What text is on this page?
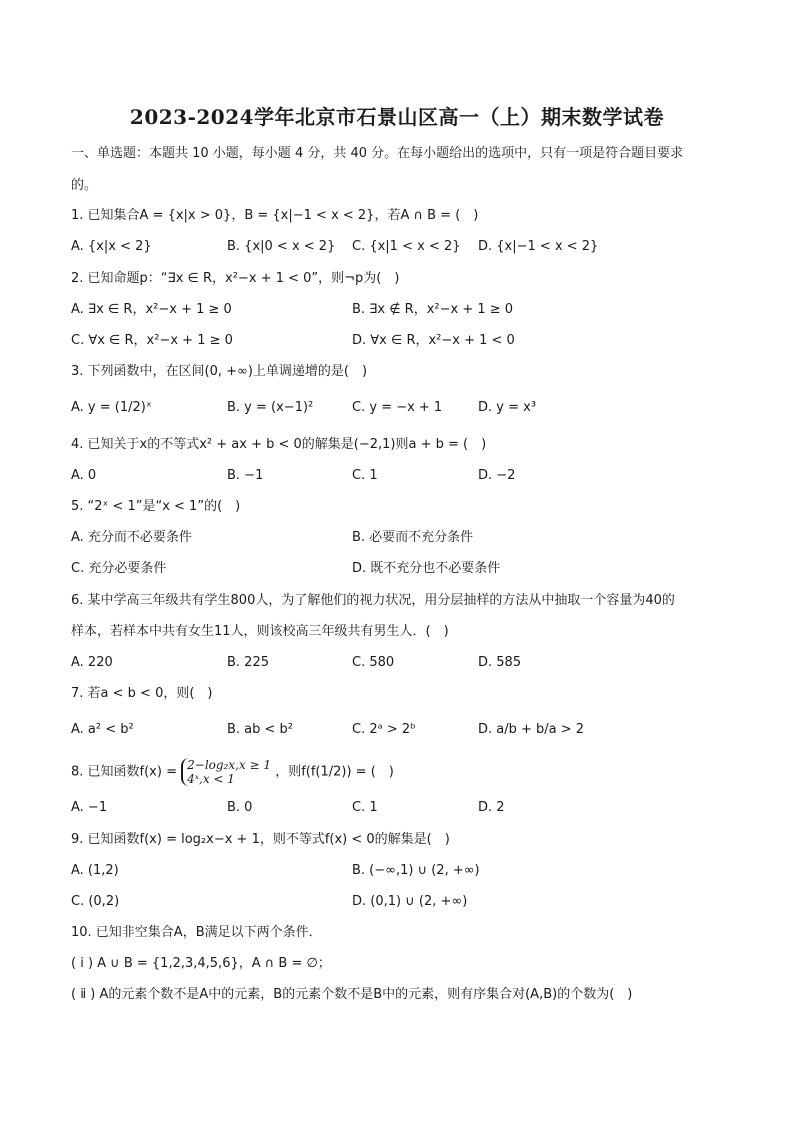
2023-2024学年北京市石景山区高一（上）期末数学试卷
一、单选题：本题共 10 小题，每小题 4 分，共 40 分。在每小题给出的选项中，只有一项是符合题目要求
的。
1. 已知集合A = {x|x > 0}，B = {x|−1 < x < 2}，若A ∩ B = (　)
A. {x|x < 2}	B. {x|0 < x < 2} C. {x|1 < x < 2} D. {x|−1 < x < 2}
2. 已知命题p：“∃x ∈ R，x²−x + 1 < 0”，则¬p为(　)
A. ∃x ∈ R，x²−x + 1 ≥ 0	B. ∃x ∉ R，x²−x + 1 ≥ 0
C. ∀x ∈ R，x²−x + 1 ≥ 0	D. ∀x ∈ R，x²−x + 1 < 0
3. 下列函数中，在区间(0, +∞)上单调递增的是(　)
A. y = (1/2)ˣ	B. y = (x−1)²	C. y = −x + 1	D. y = x³
4. 已知关于x的不等式x² + ax + b < 0的解集是(−2,1)则a + b = (　)
A. 0	B. −1	C. 1	D. −2
5. “2ˣ < 1”是“x < 1”的(　)
A. 充分而不必要条件	B. 必要而不充分条件
C. 充分必要条件	D. 既不充分也不必要条件
6. 某中学高三年级共有学生800人，为了解他们的视力状况，用分层抽样的方法从中抽取一个容量为40的
样本，若样本中共有女生11人，则该校高三年级共有男生人．(　)
A. 220	B. 225	C. 580	D. 585
7. 若a < b < 0，则(　)
A. a² < b²	B. ab < b²	C. 2ᵃ > 2ᵇ	D. a/b + b/a > 2
8. 已知函数f(x) = 2−log₂x,x ≥ 1
4ˣ,x < 1	，则f(f(1/2)) = (　)
A. −1	B. 0	C. 1	D. 2
9. 已知函数f(x) = log₂x−x + 1，则不等式f(x) < 0的解集是(　)
A. (1,2)	B. (−∞,1) ∪ (2, +∞)
C. (0,2)	D. (0,1) ∪ (2, +∞)
10. 已知非空集合A，B满足以下两个条件．
( ⅰ ) A ∪ B = {1,2,3,4,5,6}，A ∩ B = ∅；
( ⅱ ) A的元素个数不是A中的元素，B的元素个数不是B中的元素，则有序集合对(A,B)的个数为(　)
